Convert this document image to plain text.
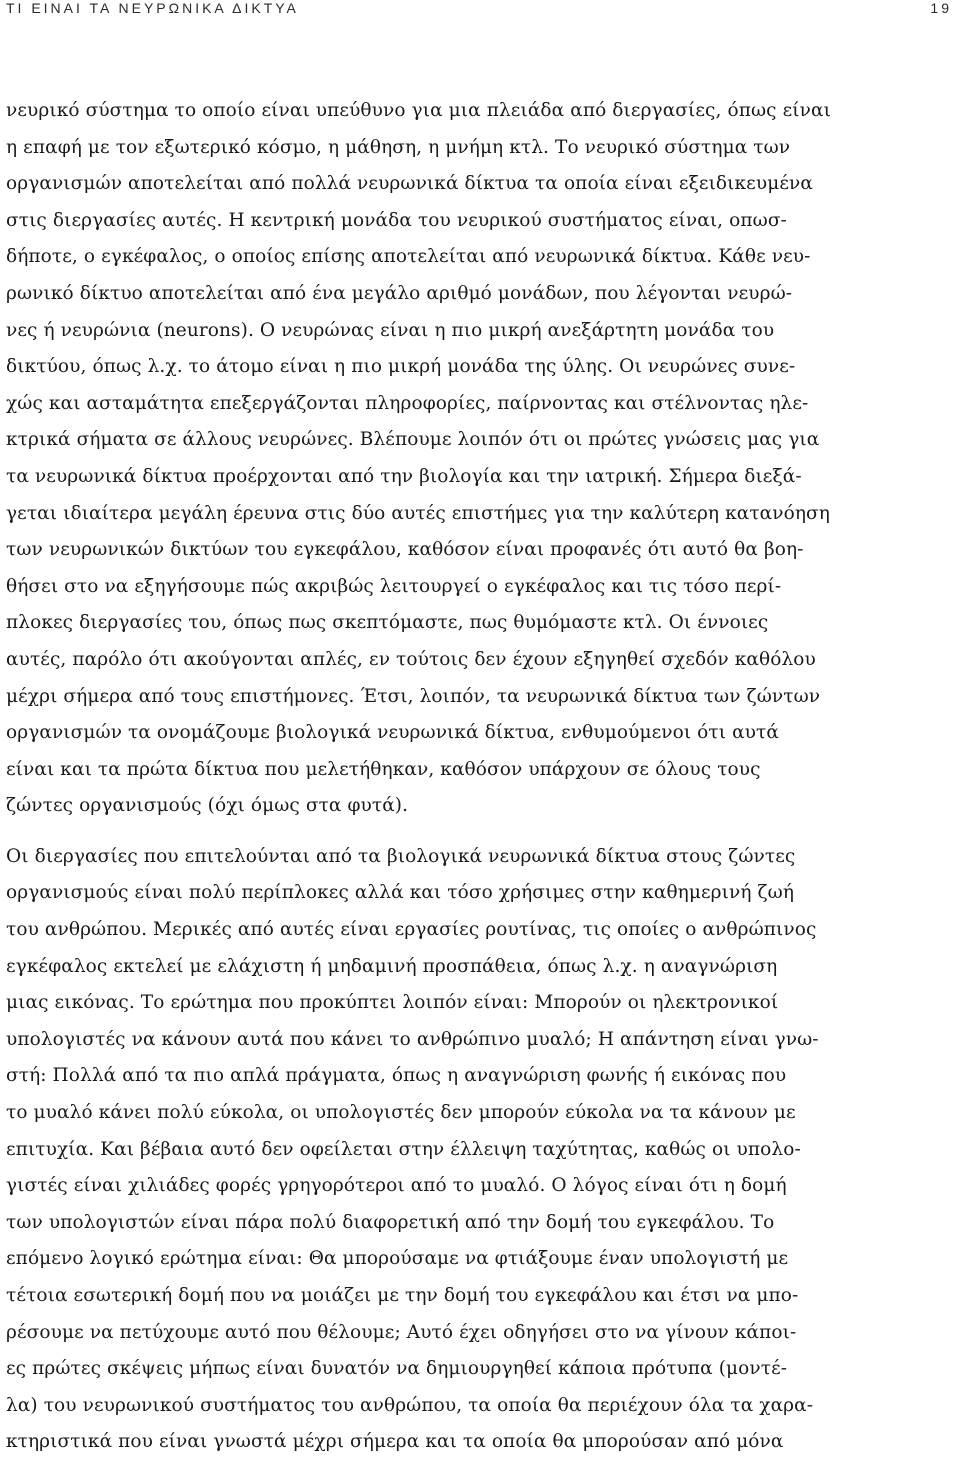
ΤΙ ΕΙΝΑΙ ΤΑ ΝΕΥΡΩΝΙΚΑ ΔΙΚΤΥΑ	19
νευρικό σύστημα το οποίο είναι υπεύθυνο για μια πλειάδα από διεργασίες, όπως είναι
η επαφή με τον εξωτερικό κόσμο, η μάθηση, η μνήμη κτλ. Το νευρικό σύστημα των
οργανισμών αποτελείται από πολλά νευρωνικά δίκτυα τα οποία είναι εξειδικευμένα
στις διεργασίες αυτές. Η κεντρική μονάδα του νευρικού συστήματος είναι, οπωσ-
δήποτε, ο εγκέφαλος, ο οποίος επίσης αποτελείται από νευρωνικά δίκτυα. Κάθε νευ-
ρωνικό δίκτυο αποτελείται από ένα μεγάλο αριθμό μονάδων, που λέγονται νευρώ-
νες ή νευρώνια (neurons). Ο νευρώνας είναι η πιο μικρή ανεξάρτητη μονάδα του
δικτύου, όπως λ.χ. το άτομο είναι η πιο μικρή μονάδα της ύλης. Οι νευρώνες συνε-
χώς και ασταμάτητα επεξεργάζονται πληροφορίες, παίρνοντας και στέλνοντας ηλε-
κτρικά σήματα σε άλλους νευρώνες. Βλέπουμε λοιπόν ότι οι πρώτες γνώσεις μας για
τα νευρωνικά δίκτυα προέρχονται από την βιολογία και την ιατρική. Σήμερα διεξά-
γεται ιδιαίτερα μεγάλη έρευνα στις δύο αυτές επιστήμες για την καλύτερη κατανόηση
των νευρωνικών δικτύων του εγκεφάλου, καθόσον είναι προφανές ότι αυτό θα βοη-
θήσει στο να εξηγήσουμε πώς ακριβώς λειτουργεί ο εγκέφαλος και τις τόσο περί-
πλοκες διεργασίες του, όπως πως σκεπτόμαστε, πως θυμόμαστε κτλ. Οι έννοιες
αυτές, παρόλο ότι ακούγονται απλές, εν τούτοις δεν έχουν εξηγηθεί σχεδόν καθόλου
μέχρι σήμερα από τους επιστήμονες. Έτσι, λοιπόν, τα νευρωνικά δίκτυα των ζώντων
οργανισμών τα ονομάζουμε βιολογικά νευρωνικά δίκτυα, ενθυμούμενοι ότι αυτά
είναι και τα πρώτα δίκτυα που μελετήθηκαν, καθόσον υπάρχουν σε όλους τους
ζώντες οργανισμούς (όχι όμως στα φυτά).
Οι διεργασίες που επιτελούνται από τα βιολογικά νευρωνικά δίκτυα στους ζώντες
οργανισμούς είναι πολύ περίπλοκες αλλά και τόσο χρήσιμες στην καθημερινή ζωή
του ανθρώπου. Μερικές από αυτές είναι εργασίες ρουτίνας, τις οποίες ο ανθρώπινος
εγκέφαλος εκτελεί με ελάχιστη ή μηδαμινή προσπάθεια, όπως λ.χ. η αναγνώριση
μιας εικόνας. Το ερώτημα που προκύπτει λοιπόν είναι: Μπορούν οι ηλεκτρονικοί
υπολογιστές να κάνουν αυτά που κάνει το ανθρώπινο μυαλό; Η απάντηση είναι γνω-
στή: Πολλά από τα πιο απλά πράγματα, όπως η αναγνώριση φωνής ή εικόνας που
το μυαλό κάνει πολύ εύκολα, οι υπολογιστές δεν μπορούν εύκολα να τα κάνουν με
επιτυχία. Και βέβαια αυτό δεν οφείλεται στην έλλειψη ταχύτητας, καθώς οι υπολο-
γιστές είναι χιλιάδες φορές γρηγορότεροι από το μυαλό. Ο λόγος είναι ότι η δομή
των υπολογιστών είναι πάρα πολύ διαφορετική από την δομή του εγκεφάλου. Το
επόμενο λογικό ερώτημα είναι: Θα μπορούσαμε να φτιάξουμε έναν υπολογιστή με
τέτοια εσωτερική δομή που να μοιάζει με την δομή του εγκεφάλου και έτσι να μπο-
ρέσουμε να πετύχουμε αυτό που θέλουμε; Αυτό έχει οδηγήσει στο να γίνουν κάποι-
ες πρώτες σκέψεις μήπως είναι δυνατόν να δημιουργηθεί κάποια πρότυπα (μοντέ-
λα) του νευρωνικού συστήματος του ανθρώπου, τα οποία θα περιέχουν όλα τα χαρα-
κτηριστικά που είναι γνωστά μέχρι σήμερα και τα οποία θα μπορούσαν από μόνα
